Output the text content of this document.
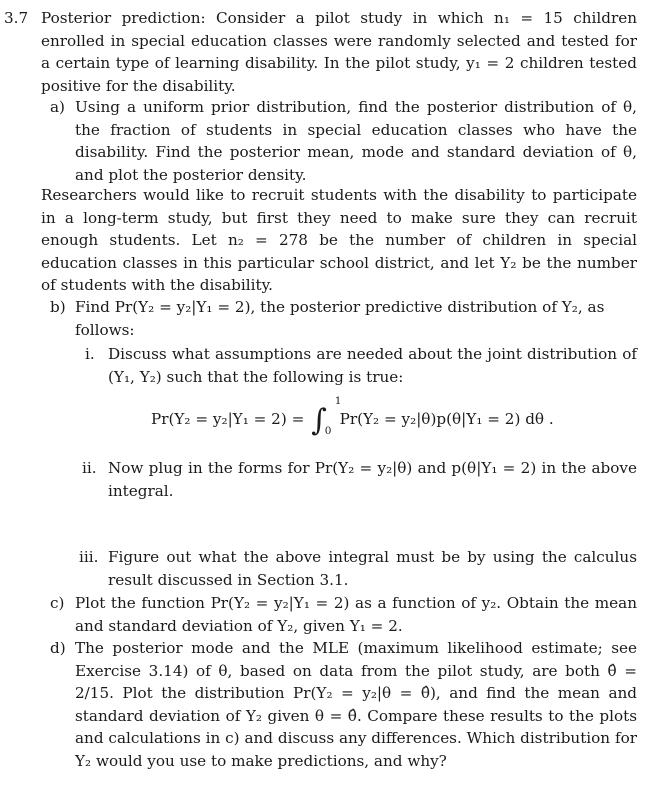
3.7 Posterior prediction: Consider a pilot study in which n₁ = 15 children enrolled in special education classes were randomly selected and tested for a certain type of learning disability. In the pilot study, y₁ = 2 children tested positive for the disability.
a) Using a uniform prior distribution, find the posterior distribution of θ, the fraction of students in special education classes who have the disability. Find the posterior mean, mode and standard deviation of θ, and plot the posterior density.
Researchers would like to recruit students with the disability to participate in a long-term study, but first they need to make sure they can recruit enough students. Let n₂ = 278 be the number of children in special education classes in this particular school district, and let Y₂ be the number of students with the disability.
b) Find Pr(Y₂ = y₂|Y₁ = 2), the posterior predictive distribution of Y₂, as follows:
i. Discuss what assumptions are needed about the joint distribution of (Y₁, Y₂) such that the following is true:
Pr(Y₂ = y₂|Y₁ = 2) = ∫
1
0
Pr(Y₂ = y₂|θ)p(θ|Y₁ = 2) dθ .
ii. Now plug in the forms for Pr(Y₂ = y₂|θ) and p(θ|Y₁ = 2) in the above integral.
iii. Figure out what the above integral must be by using the calculus result discussed in Section 3.1.
c) Plot the function Pr(Y₂ = y₂|Y₁ = 2) as a function of y₂. Obtain the mean and standard deviation of Y₂, given Y₁ = 2.
d) The posterior mode and the MLE (maximum likelihood estimate; see Exercise 3.14) of θ, based on data from the pilot study, are both θ̂ = 2/15. Plot the distribution Pr(Y₂ = y₂|θ = θ̂), and find the mean and standard deviation of Y₂ given θ = θ̂. Compare these results to the plots and calculations in c) and discuss any differences. Which distribution for Y₂ would you use to make predictions, and why?
